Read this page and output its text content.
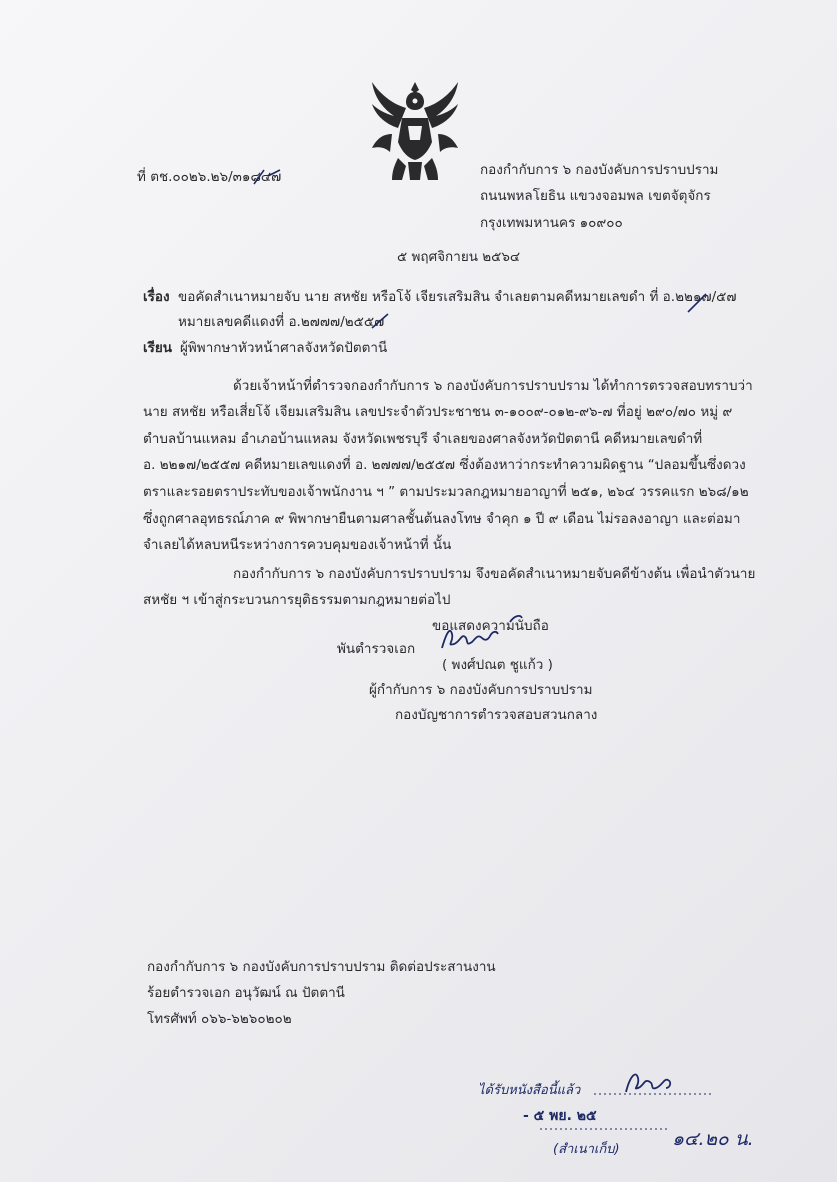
ที่ ตช.๐๐๒๖.๒๖/๓๑๘๔๗	กองกำกับการ ๖ กองบังคับการปราบปราม
ถนนพหลโยธิน แขวงจอมพล เขตจัตุจักร
กรุงเทพมหานคร ๑๐๙๐๐
๕ พฤศจิกายน ๒๕๖๔
เรื่อง ขอคัดสำเนาหมายจับ นาย สหชัย หรือโจ้ เจียรเสริมสิน จำเลยตามคดีหมายเลขดำ ที่ อ.๒๒๑๗/๕๗
หมายเลขคดีแดงที่ อ.๒๗๗๗/๒๕๕๗
เรียน ผู้พิพากษาหัวหน้าศาลจังหวัดปัตตานี
ด้วยเจ้าหน้าที่ตำรวจกองกำกับการ ๖ กองบังคับการปราบปราม ได้ทำการตรวจสอบทราบว่า
นาย สหชัย หรือเสี่ยโจ้ เจียมเสริมสิน เลขประจำตัวประชาชน ๓-๑๐๐๙-๐๑๒-๙๖-๗ ที่อยู่ ๒๙๐/๗๐ หมู่ ๙
ตำบลบ้านแหลม อำเภอบ้านแหลม จังหวัดเพชรบุรี จำเลยของศาลจังหวัดปัตตานี คดีหมายเลขดำที่
อ. ๒๒๑๗/๒๕๕๗ คดีหมายเลขแดงที่ อ. ๒๗๗๗/๒๕๕๗ ซึ่งต้องหาว่ากระทำความผิดฐาน “ปลอมขึ้นซึ่งดวง
ตราและรอยตราประทับของเจ้าพนักงาน ฯ ” ตามประมวลกฎหมายอาญาที่ ๒๕๑, ๒๖๔ วรรคแรก ๒๖๘/๑๒
ซึ่งถูกศาลอุทธรณ์ภาค ๙ พิพากษายืนตามศาลชั้นต้นลงโทษ จำคุก ๑ ปี ๙ เดือน ไม่รอลงอาญา และต่อมา
จำเลยได้หลบหนีระหว่างการควบคุมของเจ้าหน้าที่ นั้น
กองกำกับการ ๖ กองบังคับการปราบปราม จึงขอคัดสำเนาหมายจับคดีข้างต้น เพื่อนำตัวนาย
สหชัย ฯ เข้าสู่กระบวนการยุติธรรมตามกฎหมายต่อไป
ขอแสดงความนับถือ
พันตำรวจเอก
( พงศ์ปณต ชูแก้ว )
ผู้กำกับการ ๖ กองบังคับการปราบปราม
กองบัญชาการตำรวจสอบสวนกลาง
กองกำกับการ ๖ กองบังคับการปราบปราม ติดต่อประสานงาน
ร้อยตำรวจเอก อนุวัฒน์ ณ ปัตตานี
โทรศัพท์ ๐๖๖-๖๒๖๐๒๐๒
ได้รับหนังสือนี้แล้ว
- ๕ พย. ๒๕
(สำเนาเก็บ)	๑๔.๒๐ น.
